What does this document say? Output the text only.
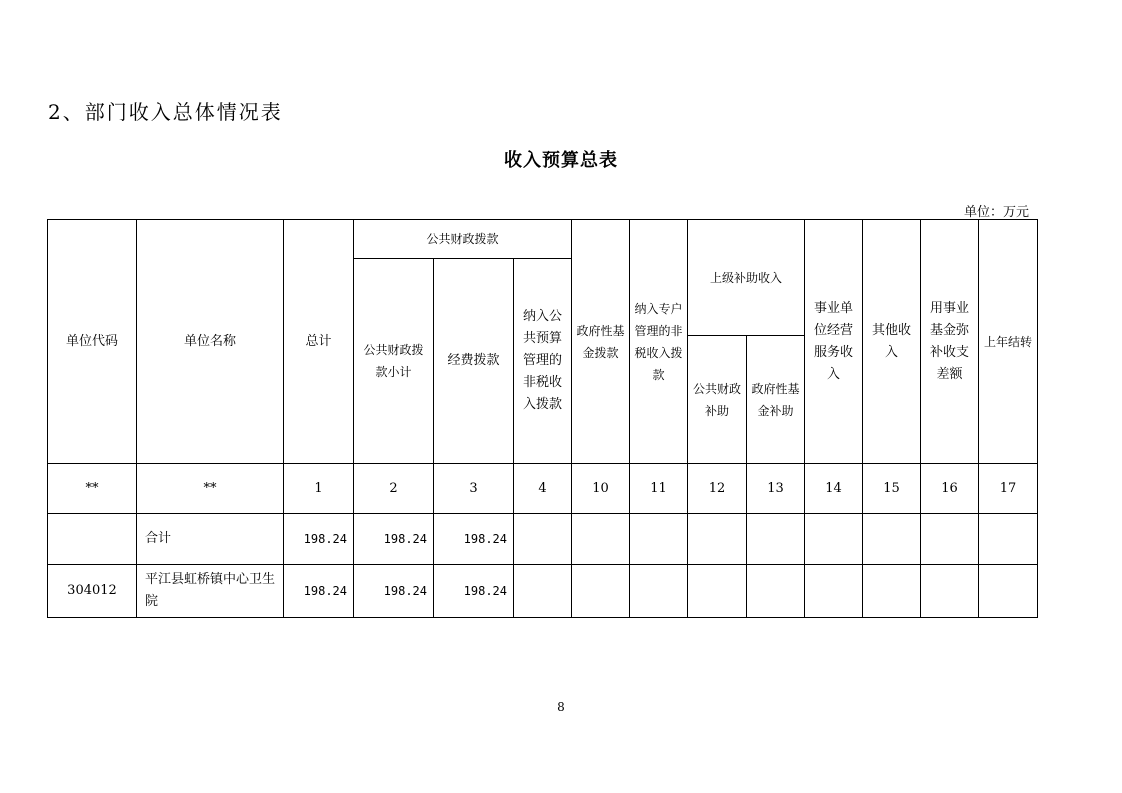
2、部门收入总体情况表
收入预算总表
单位：万元
单位代码	单位名称	总计	公共财政拨款			政府性基金拨款	纳入专户管理的非税收入拨款	上级补助收入		事业单位经营服务收入	其他收入	用事业基金弥补收支差额	上年结转
			公共财政拨款小计	经费拨款	纳入公共预算管理的非税收入拨款								
								公共财政补助	政府性基金补助				
**	**	1	2	3	4	10	11	12	13	14	15	16	17
	合计	198.24	198.24	198.24									
304012	平江县虹桥镇中心卫生院	198.24	198.24	198.24									
8
